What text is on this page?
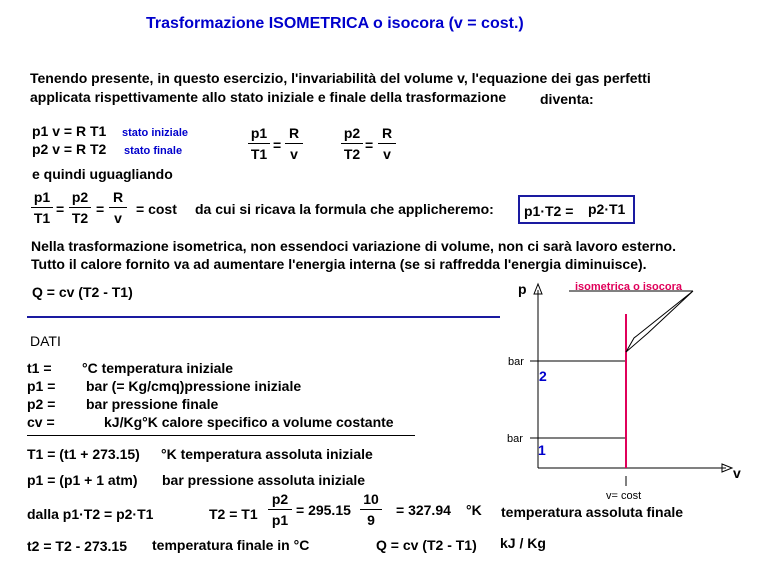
Trasformazione ISOMETRICA o isocora (v = cost.)
Tenendo presente, in questo esercizio, l'invariabilità del volume v, l'equazione dei gas perfetti
applicata rispettivamente allo stato iniziale e finale della trasformazione diventa:
p1 v = R T1 stato iniziale
p2 v = R T2 stato finale
p1
T1
=
R
v
p2
T2
=
R
v
e quindi uguagliando
p1
T1
=
p2
T2
=
R
v
= cost da cui si ricava la formula che applicheremo: p1·T2 = p2·T1
Nella trasformazione isometrica, non essendoci variazione di volume, non ci sarà lavoro esterno.
Tutto il calore fornito va ad aumentare l'energia interna (se si raffredda l'energia diminuisce).
Q = cv (T2 - T1)
DATI
t1 = °C temperatura iniziale
p1 = bar (= Kg/cmq)pressione iniziale
p2 = bar pressione finale
cv =	kJ/Kg°K calore specifico a volume costante
T1 = (t1 + 273.15) °K temperatura assoluta iniziale
p1 = (p1 + 1 atm) bar pressione assoluta iniziale
dalla p1·T2 = p2·T1	T2 = T1
p2
p1
= 295.15
10
9
= 327.94 °K temperatura assoluta finale
t2 = T2 - 273.15 temperatura finale in °C	Q = cv (T2 - T1) kJ / Kg
p
v
isometrica o isocora
bar
bar
2
1
v= cost
